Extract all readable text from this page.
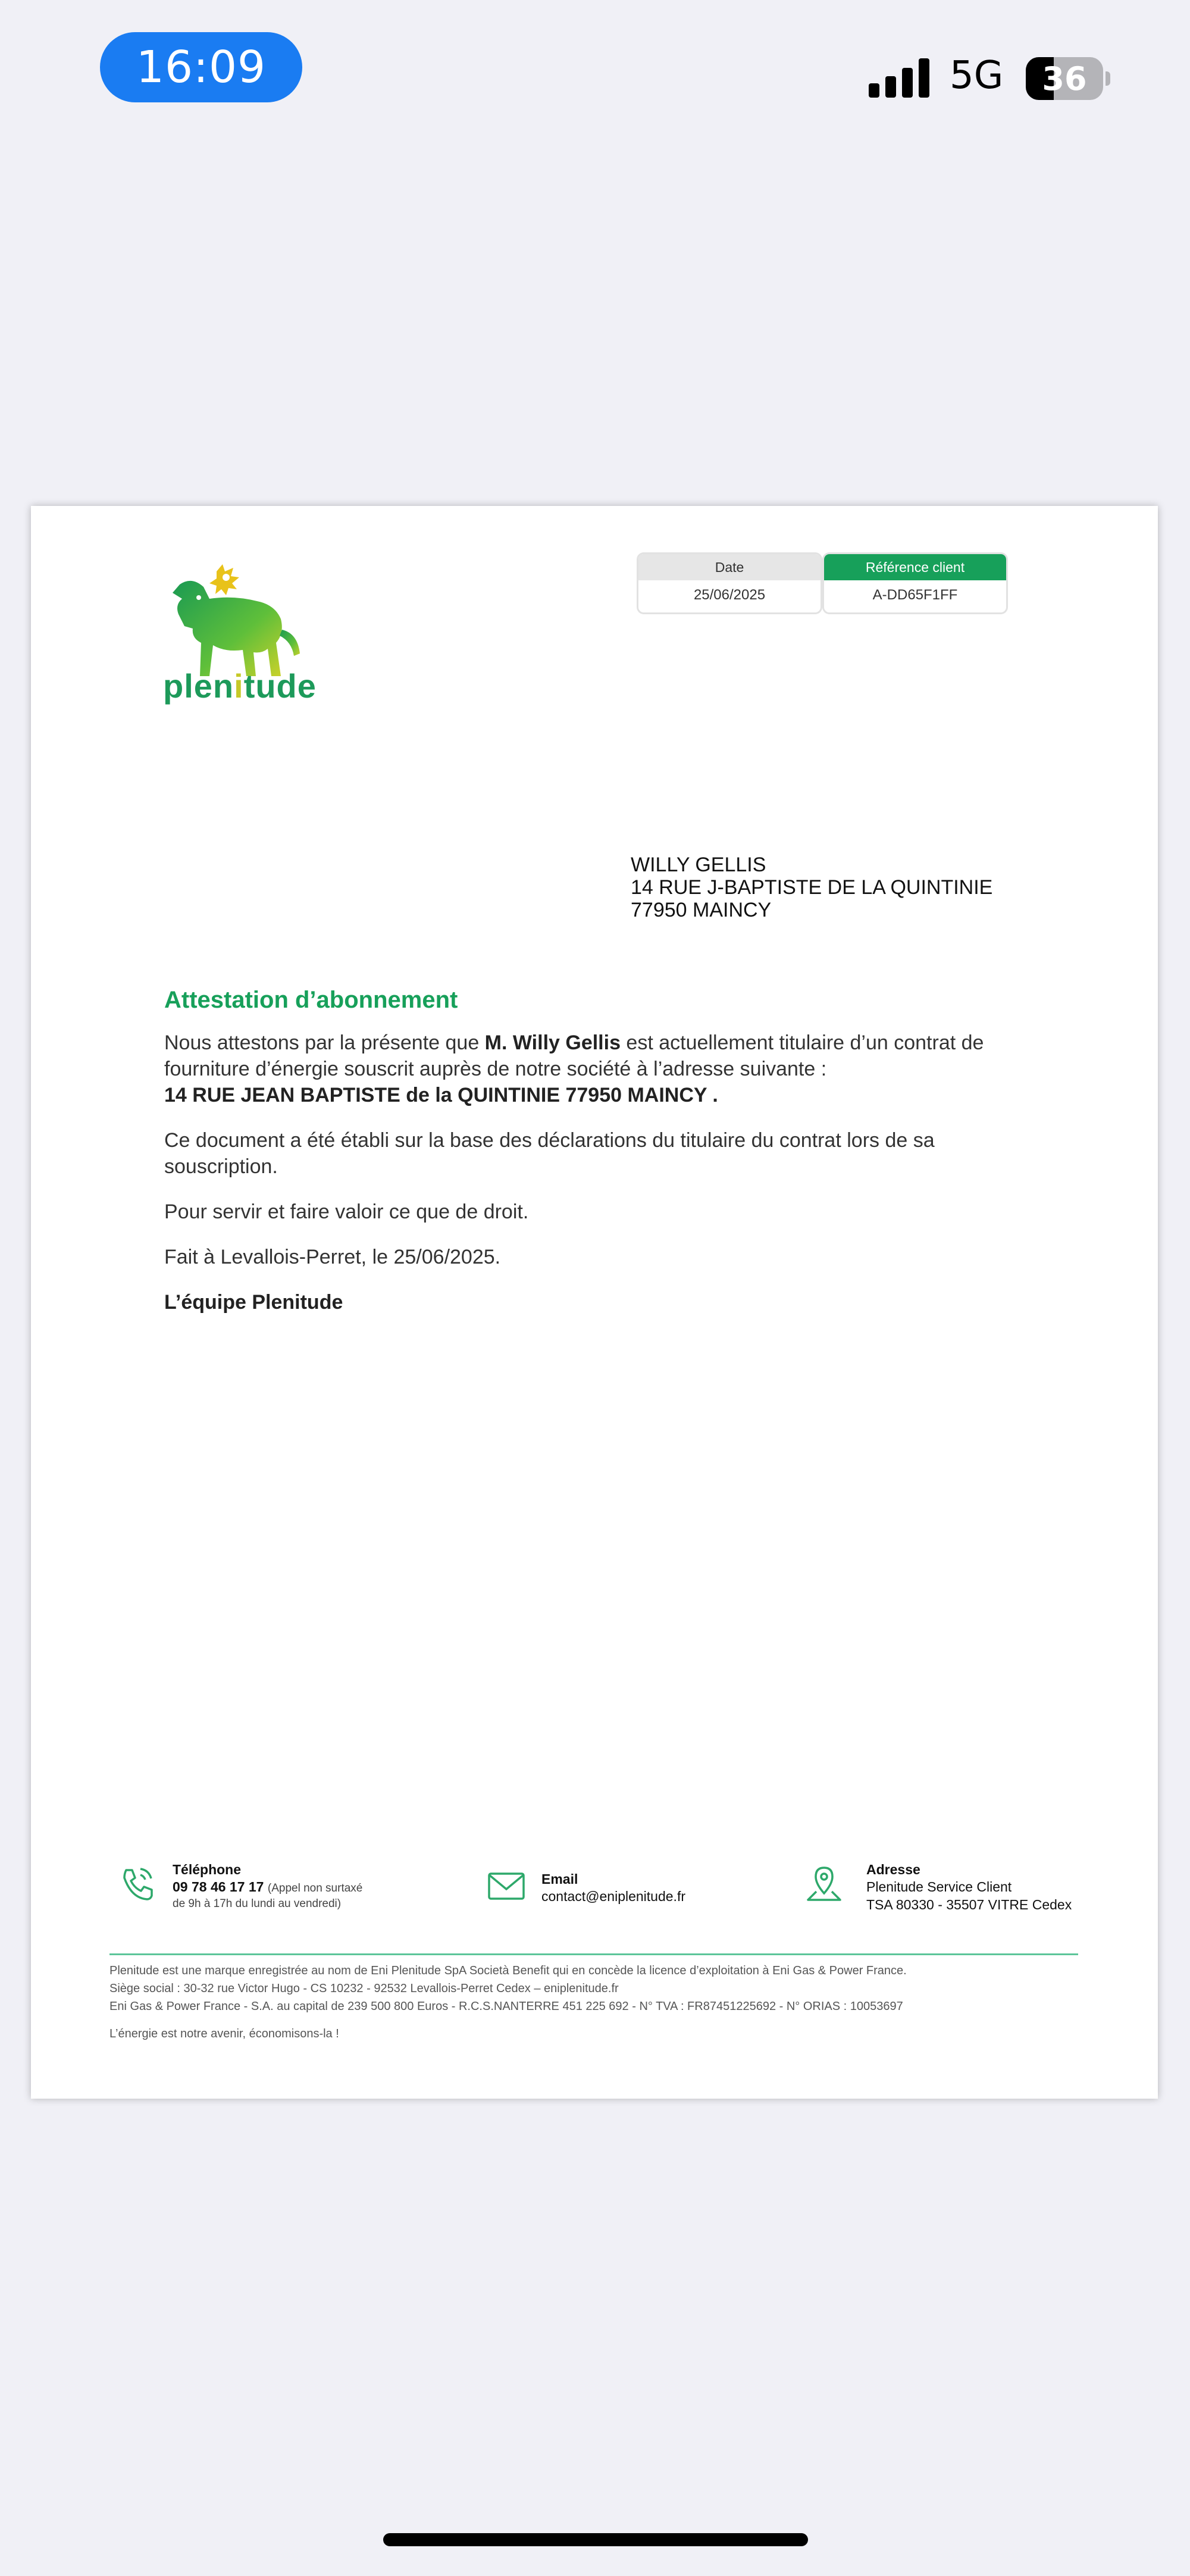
16:09	5G	36
plenitude
Date
25/06/2025
Référence client
A-DD65F1FF
WILLY GELLIS
14 RUE J-BAPTISTE DE LA QUINTINIE
77950 MAINCY
Attestation d’abonnement

Nous attestons par la présente que M. Willy Gellis est actuellement titulaire d’un contrat de fourniture d’énergie souscrit auprès de notre société à l’adresse suivante :
14 RUE JEAN BAPTISTE de la QUINTINIE 77950 MAINCY .

Ce document a été établi sur la base des déclarations du titulaire du contrat lors de sa souscription.

Pour servir et faire valoir ce que de droit.

Fait à Levallois-Perret, le 25/06/2025.

L’équipe Plenitude

Téléphone
09 78 46 17 17 (Appel non surtaxé
de 9h à 17h du lundi au vendredi)
Email
contact@eniplenitude.fr
Adresse
Plenitude Service Client
TSA 80330 - 35507 VITRE Cedex
Plenitude est une marque enregistrée au nom de Eni Plenitude SpA Società Benefit qui en concède la licence d’exploitation à Eni Gas & Power France.
Siège social : 30-32 rue Victor Hugo - CS 10232 - 92532 Levallois-Perret Cedex – eniplenitude.fr
Eni Gas & Power France - S.A. au capital de 239 500 800 Euros - R.C.S.NANTERRE 451 225 692 - N° TVA : FR87451225692 - N° ORIAS : 10053697
L’énergie est notre avenir, économisons-la !
